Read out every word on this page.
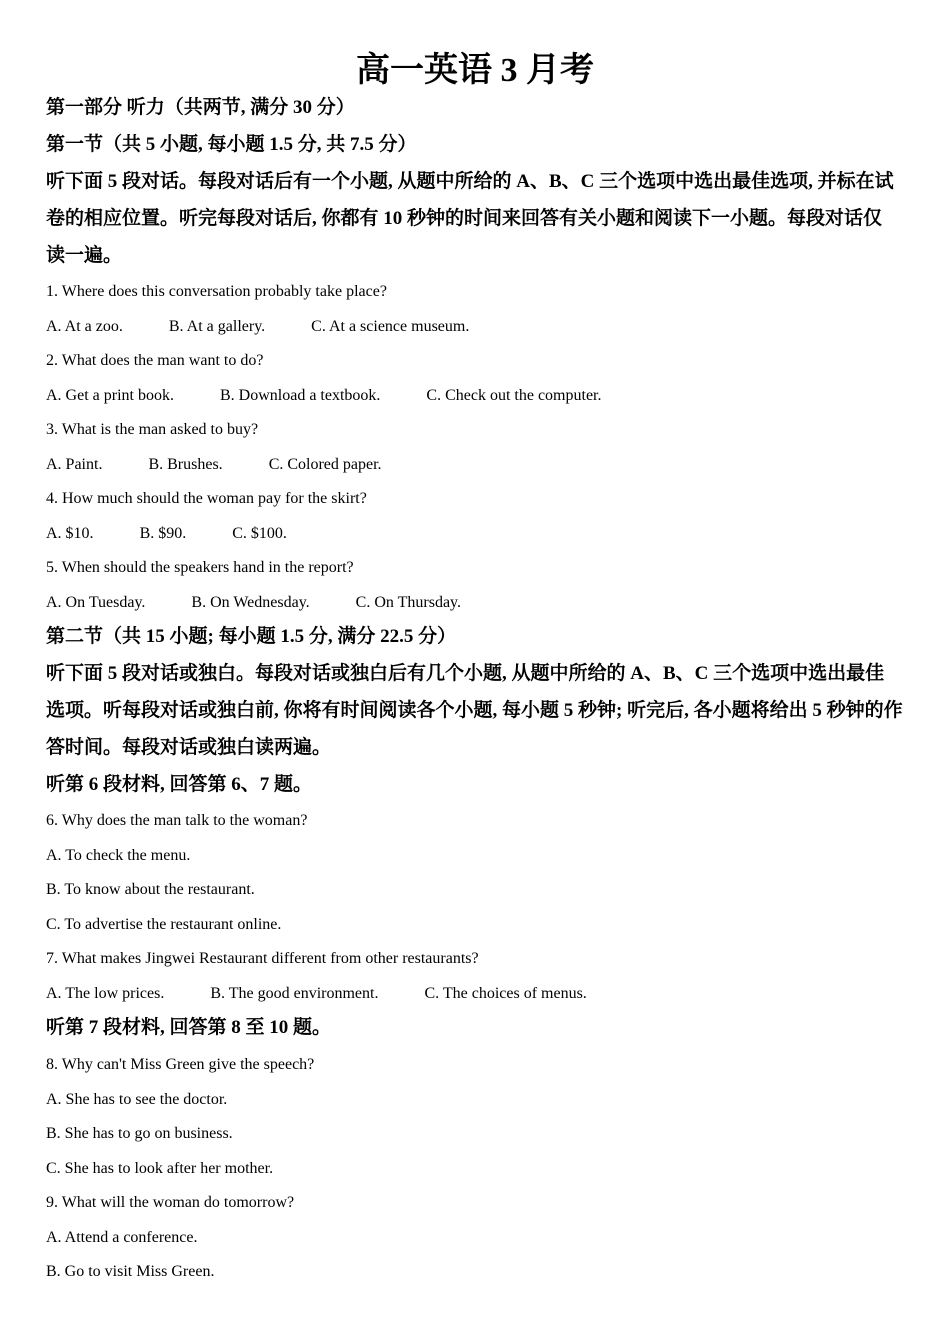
高一英语 3 月考
第一部分 听力（共两节, 满分 30 分）
第一节（共 5 小题, 每小题 1.5 分, 共 7.5 分）
听下面 5 段对话。每段对话后有一个小题, 从题中所给的 A、B、C 三个选项中选出最佳选项, 并标在试
卷的相应位置。听完每段对话后, 你都有 10 秒钟的时间来回答有关小题和阅读下一小题。每段对话仅
读一遍。
1. Where does this conversation probably take place?
A. At a zoo.	B. At a gallery.	C. At a science museum.
2. What does the man want to do?
A. Get a print book.	B. Download a textbook.	C. Check out the computer.
3. What is the man asked to buy?
A. Paint.	B. Brushes.	C. Colored paper.
4. How much should the woman pay for the skirt?
A. $10.	B. $90.	C. $100.
5. When should the speakers hand in the report?
A. On Tuesday.	B. On Wednesday.	C. On Thursday.
第二节（共 15 小题; 每小题 1.5 分, 满分 22.5 分）
听下面 5 段对话或独白。每段对话或独白后有几个小题, 从题中所给的 A、B、C 三个选项中选出最佳
选项。听每段对话或独白前, 你将有时间阅读各个小题, 每小题 5 秒钟; 听完后, 各小题将给出 5 秒钟的作
答时间。每段对话或独白读两遍。
听第 6 段材料, 回答第 6、7 题。
6. Why does the man talk to the woman?
A. To check the menu.
B. To know about the restaurant.
C. To advertise the restaurant online.
7. What makes Jingwei Restaurant different from other restaurants?
A. The low prices.	B. The good environment.	C. The choices of menus.
听第 7 段材料, 回答第 8 至 10 题。
8. Why can't Miss Green give the speech?
A. She has to see the doctor.
B. She has to go on business.
C. She has to look after her mother.
9. What will the woman do tomorrow?
A. Attend a conference.
B. Go to visit Miss Green.
